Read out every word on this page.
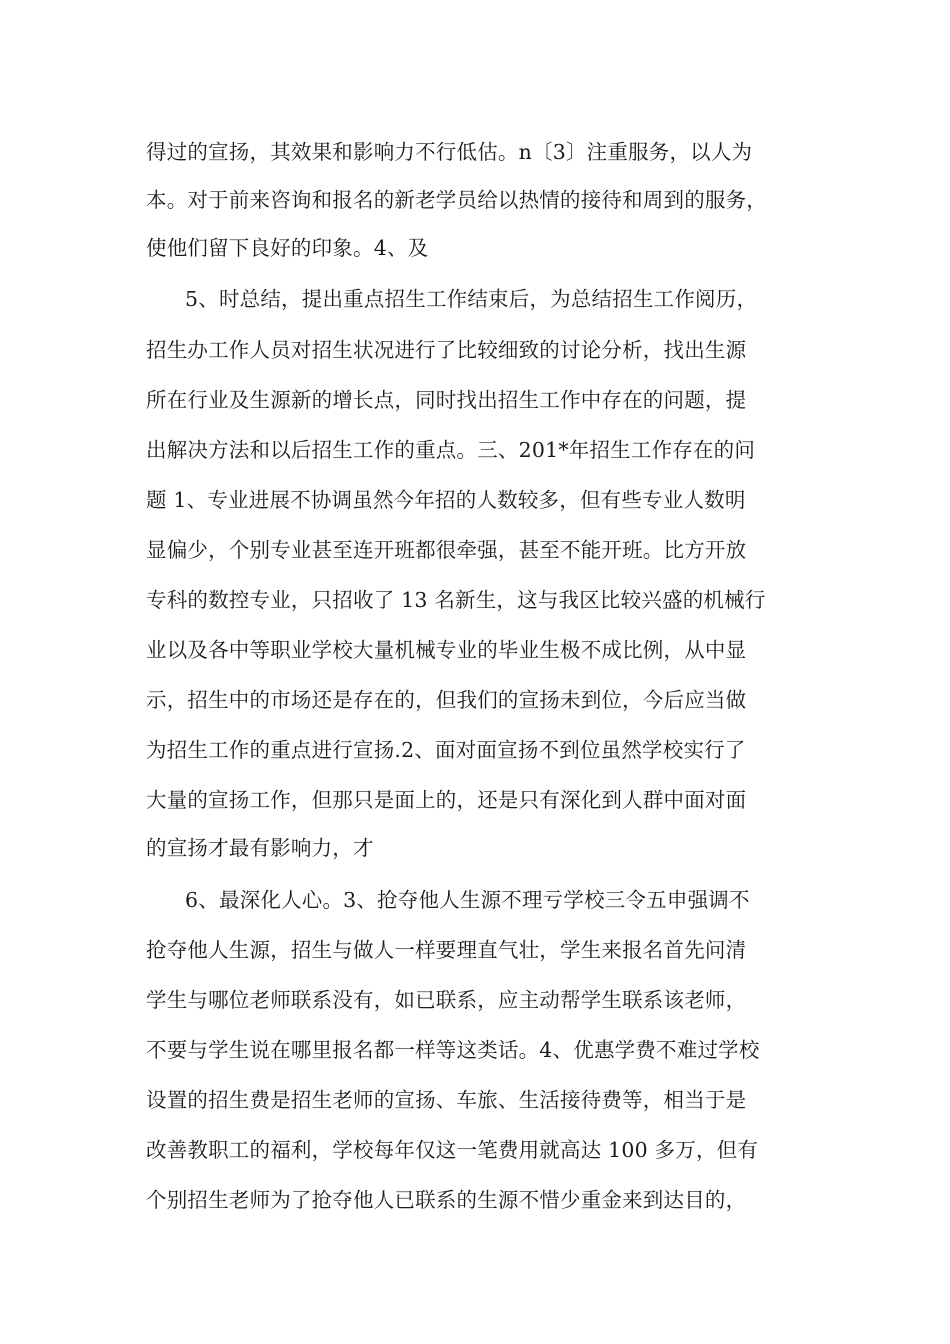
得过的宣扬，其效果和影响力不行低估。n〔3〕注重服务，以人为
本。对于前来咨询和报名的新老学员给以热情的接待和周到的服务，
使他们留下良好的印象。4、及
5、时总结，提出重点招生工作结束后，为总结招生工作阅历，
招生办工作人员对招生状况进行了比较细致的讨论分析，找出生源
所在行业及生源新的增长点，同时找出招生工作中存在的问题，提
出解决方法和以后招生工作的重点。三、201*年招生工作存在的问
题 1、专业进展不协调虽然今年招的人数较多，但有些专业人数明
显偏少，个别专业甚至连开班都很牵强，甚至不能开班。比方开放
专科的数控专业，只招收了 13 名新生，这与我区比较兴盛的机械行
业以及各中等职业学校大量机械专业的毕业生极不成比例，从中显
示，招生中的市场还是存在的，但我们的宣扬未到位，今后应当做
为招生工作的重点进行宣扬.2、面对面宣扬不到位虽然学校实行了
大量的宣扬工作，但那只是面上的，还是只有深化到人群中面对面
的宣扬才最有影响力，才
6、最深化人心。3、抢夺他人生源不理亏学校三令五申强调不
抢夺他人生源，招生与做人一样要理直气壮，学生来报名首先问清
学生与哪位老师联系没有，如已联系，应主动帮学生联系该老师，
不要与学生说在哪里报名都一样等这类话。4、优惠学费不难过学校
设置的招生费是招生老师的宣扬、车旅、生活接待费等，相当于是
改善教职工的福利，学校每年仅这一笔费用就高达 100 多万，但有
个别招生老师为了抢夺他人已联系的生源不惜少重金来到达目的，
